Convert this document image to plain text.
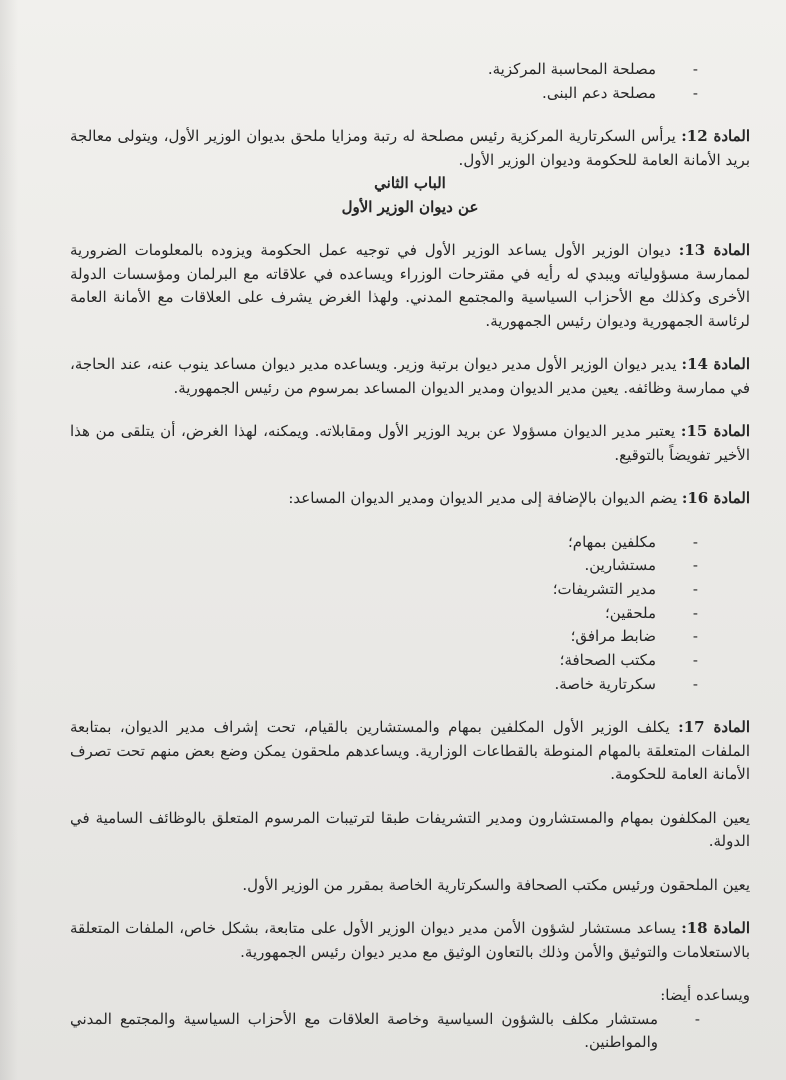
-
مصلحة المحاسبة المركزية.
-
مصلحة دعم البنى.

المادة 12: يرأس السكرتارية المركزية رئيس مصلحة له رتبة ومزايا ملحق بديوان الوزير الأول، ويتولى معالجة بريد الأمانة العامة للحكومة وديوان الوزير الأول.

الباب الثاني

عن ديوان الوزير الأول

المادة 13: ديوان الوزير الأول يساعد الوزير الأول في توجيه عمل الحكومة ويزوده بالمعلومات الضرورية لممارسة مسؤولياته ويبدي له رأيه في مقترحات الوزراء ويساعده في علاقاته مع البرلمان ومؤسسات الدولة الأخرى وكذلك مع الأحزاب السياسية والمجتمع المدني. ولهذا الغرض يشرف على العلاقات مع الأمانة العامة لرئاسة الجمهورية وديوان رئيس الجمهورية.

المادة 14: يدير ديوان الوزير الأول مدير ديوان برتبة وزير. ويساعده مدير ديوان مساعد ينوب عنه، عند الحاجة، في ممارسة وظائفه. يعين مدير الديوان ومدير الديوان المساعد بمرسوم من رئيس الجمهورية.

المادة 15: يعتبر مدير الديوان مسؤولا عن بريد الوزير الأول ومقابلاته. ويمكنه، لهذا الغرض، أن يتلقى من هذا الأخير تفويضاً بالتوقيع.

المادة 16: يضم الديوان بالإضافة إلى مدير الديوان ومدير الديوان المساعد:

-
مكلفين بمهام؛
-
مستشارين.
-
مدير التشريفات؛
-
ملحقين؛
-
ضابط مرافق؛
-
مكتب الصحافة؛
-
سكرتارية خاصة.

المادة 17: يكلف الوزير الأول المكلفين بمهام والمستشارين بالقيام، تحت إشراف مدير الديوان، بمتابعة الملفات المتعلقة بالمهام المنوطة بالقطاعات الوزارية. ويساعدهم ملحقون يمكن وضع بعض منهم تحت تصرف الأمانة العامة للحكومة.

يعين المكلفون بمهام والمستشارون ومدير التشريفات طبقا لترتيبات المرسوم المتعلق بالوظائف السامية في الدولة.

يعين الملحقون ورئيس مكتب الصحافة والسكرتارية الخاصة بمقرر من الوزير الأول.

المادة 18: يساعد مستشار لشؤون الأمن مدير ديوان الوزير الأول على متابعة، بشكل خاص، الملفات المتعلقة بالاستعلامات والتوثيق والأمن وذلك بالتعاون الوثيق مع مدير ديوان رئيس الجمهورية.

ويساعده أيضا:

-
مستشار مكلف بالشؤون السياسية وخاصة العلاقات مع الأحزاب السياسية والمجتمع المدني والمواطنين.
